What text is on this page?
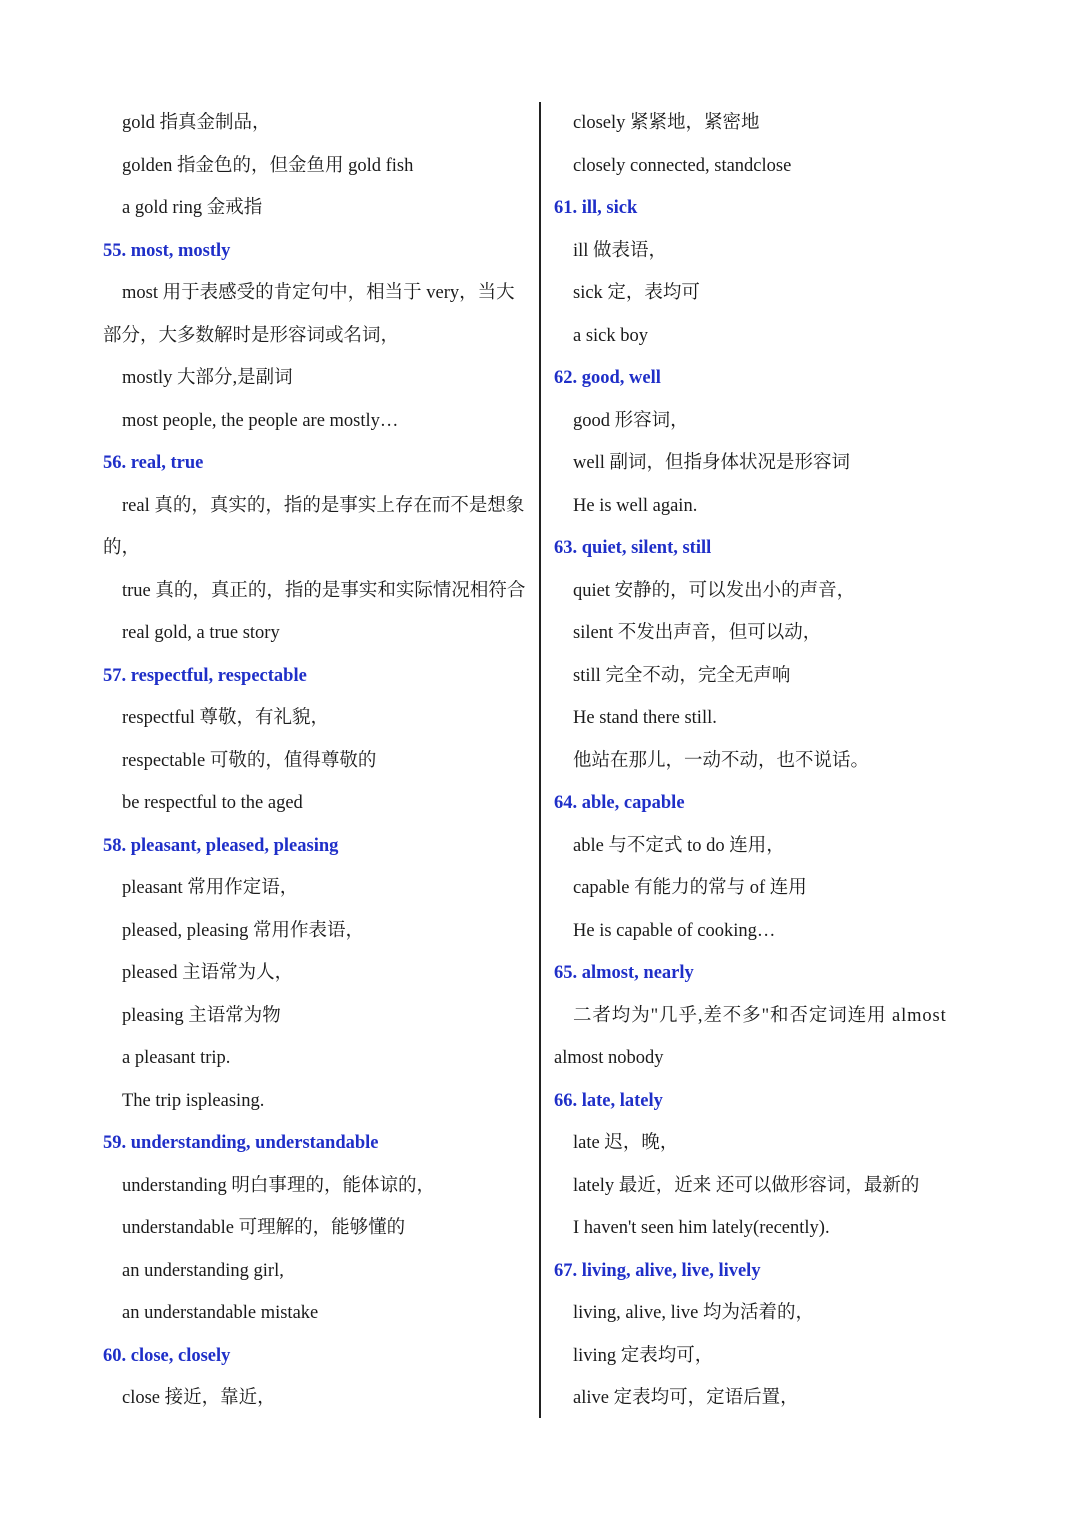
gold 指真金制品，
golden 指金色的，但金鱼用 gold fish
a gold ring 金戒指
55. most, mostly
most 用于表感受的肯定句中，相当于 very，当大
部分，大多数解时是形容词或名词，
mostly 大部分,是副词
most people, the people are mostly…
56. real, true
real 真的，真实的，指的是事实上存在而不是想象
的，
true 真的，真正的，指的是事实和实际情况相符合
real gold, a true story
57. respectful, respectable
respectful 尊敬，有礼貌，
respectable 可敬的，值得尊敬的
be respectful to the aged
58. pleasant, pleased, pleasing
pleasant 常用作定语，
pleased, pleasing 常用作表语，
pleased 主语常为人，
pleasing 主语常为物
a pleasant trip.
The trip ispleasing.
59. understanding, understandable
understanding 明白事理的，能体谅的，
understandable 可理解的，能够懂的
an understanding girl,
an understandable mistake
60. close, closely
close 接近，靠近，
closely 紧紧地，紧密地
closely connected, standclose
61. ill, sick
ill 做表语，
sick 定，表均可
a sick boy
62. good, well
good 形容词，
well 副词，但指身体状况是形容词
He is well again.
63. quiet, silent, still
quiet 安静的，可以发出小的声音，
silent 不发出声音，但可以动，
still 完全不动，完全无声响
He stand there still.
他站在那儿，一动不动，也不说话。
64. able, capable
able 与不定式 to do 连用，
capable 有能力的常与 of 连用
He is capable of cooking…
65. almost, nearly
二者均为"几乎,差不多"和否定词连用 almost
almost nobody
66. late, lately
late 迟，晚，
lately 最近，近来 还可以做形容词，最新的
I haven't seen him lately(recently).
67. living, alive, live, lively
living, alive, live 均为活着的，
living 定表均可，
alive 定表均可，定语后置，
